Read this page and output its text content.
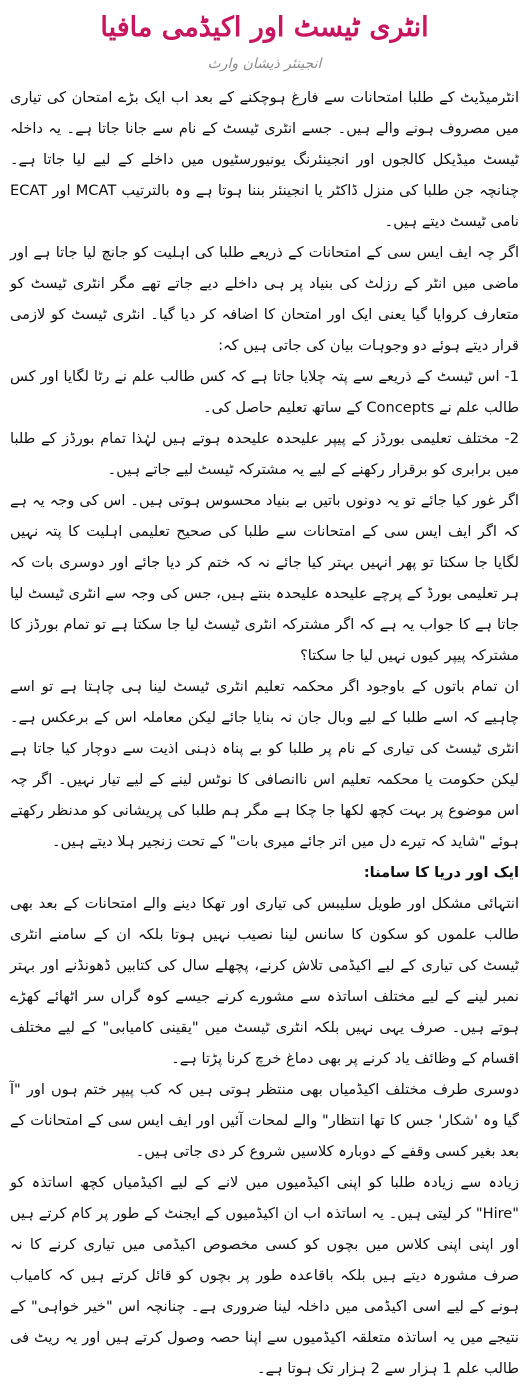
انٹری ٹیسٹ اور اکیڈمی مافیا
انجینئر ذیشان وارث

انٹرمیڈیٹ کے طلبا امتحانات سے فارغ ہوچکنے کے بعد اب ایک بڑے امتحان کی تیاری میں مصروف ہونے والے ہیں۔ جسے انٹری ٹیسٹ کے نام سے جانا جاتا ہے۔ یہ داخلہ ٹیسٹ میڈیکل کالجوں اور انجینئرنگ یونیورسٹیوں میں داخلے کے لیے لیا جاتا ہے۔ چنانچہ جن طلبا کی منزل ڈاکٹر یا انجینئر بننا ہوتا ہے وہ بالترتیب MCAT اور ECAT نامی ٹیسٹ دیتے ہیں۔

اگر چہ ایف ایس سی کے امتحانات کے ذریعے طلبا کی اہلیت کو جانچ لیا جاتا ہے اور ماضی میں انٹر کے رزلٹ کی بنیاد پر ہی داخلے دیے جاتے تھے مگر انٹری ٹیسٹ کو متعارف کروایا گیا یعنی ایک اور امتحان کا اضافہ کر دیا گیا۔ انٹری ٹیسٹ کو لازمی قرار دیتے ہوئے دو وجوہات بیان کی جاتی ہیں کہ:

1- اس ٹیسٹ کے ذریعے سے پتہ چلایا جاتا ہے کہ کس طالب علم نے رٹا لگایا اور کس طالب علم نے Concepts کے ساتھ تعلیم حاصل کی۔

2- مختلف تعلیمی بورڈز کے پیپر علیحدہ علیحدہ ہوتے ہیں لہٰذا تمام بورڈز کے طلبا میں برابری کو برقرار رکھنے کے لیے یہ مشترکہ ٹیسٹ لیے جاتے ہیں۔

اگر غور کیا جائے تو یہ دونوں باتیں بے بنیاد محسوس ہوتی ہیں۔ اس کی وجہ یہ ہے کہ اگر ایف ایس سی کے امتحانات سے طلبا کی صحیح تعلیمی اہلیت کا پتہ نہیں لگایا جا سکتا تو پھر انہیں بہتر کیا جائے نہ کہ ختم کر دیا جائے اور دوسری بات کہ ہر تعلیمی بورڈ کے پرچے علیحدہ علیحدہ بنتے ہیں، جس کی وجہ سے انٹری ٹیسٹ لیا جاتا ہے کا جواب یہ ہے کہ اگر مشترکہ انٹری ٹیسٹ لیا جا سکتا ہے تو تمام بورڈز کا مشترکہ پیپر کیوں نہیں لیا جا سکتا؟

ان تمام باتوں کے باوجود اگر محکمہ تعلیم انٹری ٹیسٹ لینا ہی چاہتا ہے تو اسے چاہیے کہ اسے طلبا کے لیے وبال جان نہ بنایا جائے لیکن معاملہ اس کے برعکس ہے۔ انٹری ٹیسٹ کی تیاری کے نام پر طلبا کو بے پناہ ذہنی اذیت سے دوچار کیا جاتا ہے لیکن حکومت یا محکمہ تعلیم اس ناانصافی کا نوٹس لینے کے لیے تیار نہیں۔ اگر چہ اس موضوع پر بہت کچھ لکھا جا چکا ہے مگر ہم طلبا کی پریشانی کو مدنظر رکھتے ہوئے "شاید کہ تیرے دل میں اتر جائے میری بات" کے تحت زنجیر ہلا دیتے ہیں۔

ایک اور دریا کا سامنا:

انتہائی مشکل اور طویل سلیبس کی تیاری اور تھکا دینے والے امتحانات کے بعد بھی طالب علموں کو سکون کا سانس لینا نصیب نہیں ہوتا بلکہ ان کے سامنے انٹری ٹیسٹ کی تیاری کے لیے اکیڈمی تلاش کرنے، پچھلے سال کی کتابیں ڈھونڈنے اور بہتر نمبر لینے کے لیے مختلف اساتذہ سے مشورے کرنے جیسے کوہ گراں سر اٹھائے کھڑے ہوتے ہیں۔ صرف یہی نہیں بلکہ انٹری ٹیسٹ میں "یقینی کامیابی" کے لیے مختلف اقسام کے وظائف یاد کرنے پر بھی دماغ خرچ کرنا پڑتا ہے۔

دوسری طرف مختلف اکیڈمیاں بھی منتظر ہوتی ہیں کہ کب پیپر ختم ہوں اور "آ گیا وہ 'شکار' جس کا تھا انتظار" والے لمحات آئیں اور ایف ایس سی کے امتحانات کے بعد بغیر کسی وقفے کے دوبارہ کلاسیں شروع کر دی جاتی ہیں۔

زیادہ سے زیادہ طلبا کو اپنی اکیڈمیوں میں لانے کے لیے اکیڈمیاں کچھ اساتذہ کو "Hire" کر لیتی ہیں۔ یہ اساتذہ اب ان اکیڈمیوں کے ایجنٹ کے طور پر کام کرتے ہیں اور اپنی اپنی کلاس میں بچوں کو کسی مخصوص اکیڈمی میں تیاری کرنے کا نہ صرف مشورہ دیتے ہیں بلکہ باقاعدہ طور پر بچوں کو قائل کرتے ہیں کہ کامیاب ہونے کے لیے اسی اکیڈمی میں داخلہ لینا ضروری ہے۔ چنانچہ اس "خیر خواہی" کے نتیجے میں یہ اساتذہ متعلقہ اکیڈمیوں سے اپنا حصہ وصول کرتے ہیں اور یہ ریٹ فی طالب علم 1 ہزار سے 2 ہزار تک ہوتا ہے۔
